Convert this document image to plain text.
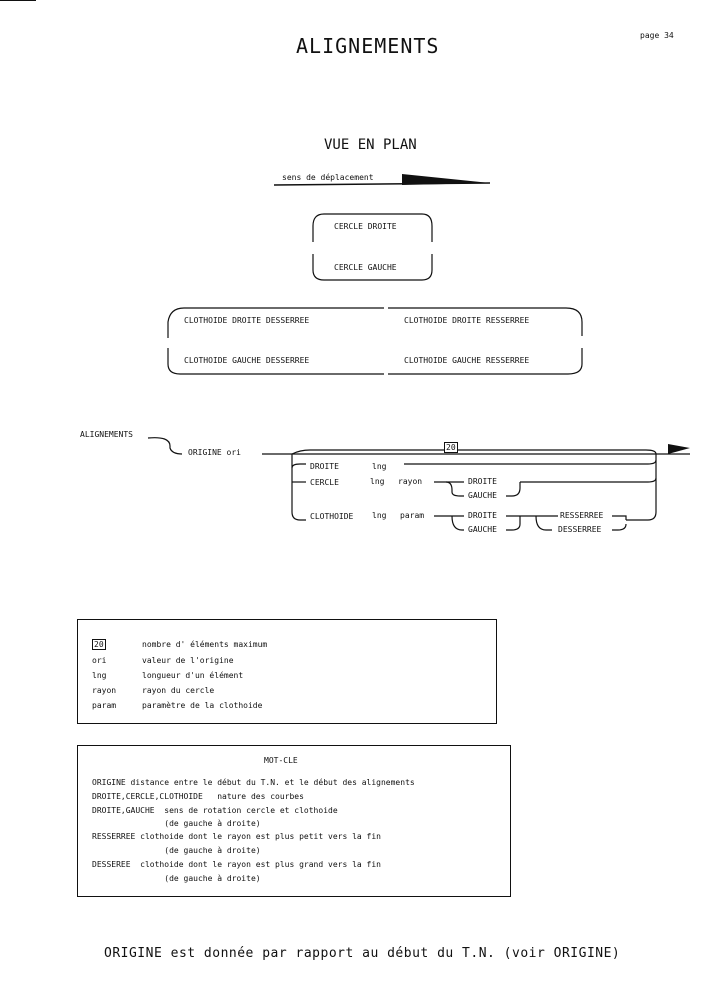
ALIGNEMENTS	page 34
VUE EN PLAN
sens de déplacement
CERCLE DROITE
CERCLE GAUCHE
CLOTHOIDE DROITE DESSERREE
CLOTHOIDE GAUCHE DESSERREE
CLOTHOIDE DROITE RESSERREE
CLOTHOIDE GAUCHE RESSERREE
ALIGNEMENTS
ORIGINE ori
20
DROITE	lng
CERCLE	lng rayon	DROITE
GAUCHE
CLOTHOIDE lng param	DROITE
GAUCHE
RESSERREE
DESSERREE
20	nombre d' éléments maximum
ori	valeur de l'origine
lng	longueur d'un élément
rayon	rayon du cercle
param	paramètre de la clothoide
MOT-CLE
ORIGINE distance entre le début du T.N. et le début des alignements
DROITE,CERCLE,CLOTHOIDE   nature des courbes
DROITE,GAUCHE  sens de rotation cercle et clothoide
(de gauche à droite)
RESSERREE clothoide dont le rayon est plus petit vers la fin
(de gauche à droite)
DESSEREE  clothoide dont le rayon est plus grand vers la fin
(de gauche à droite)
ORIGINE est donnée par rapport au début du T.N. (voir ORIGINE)
